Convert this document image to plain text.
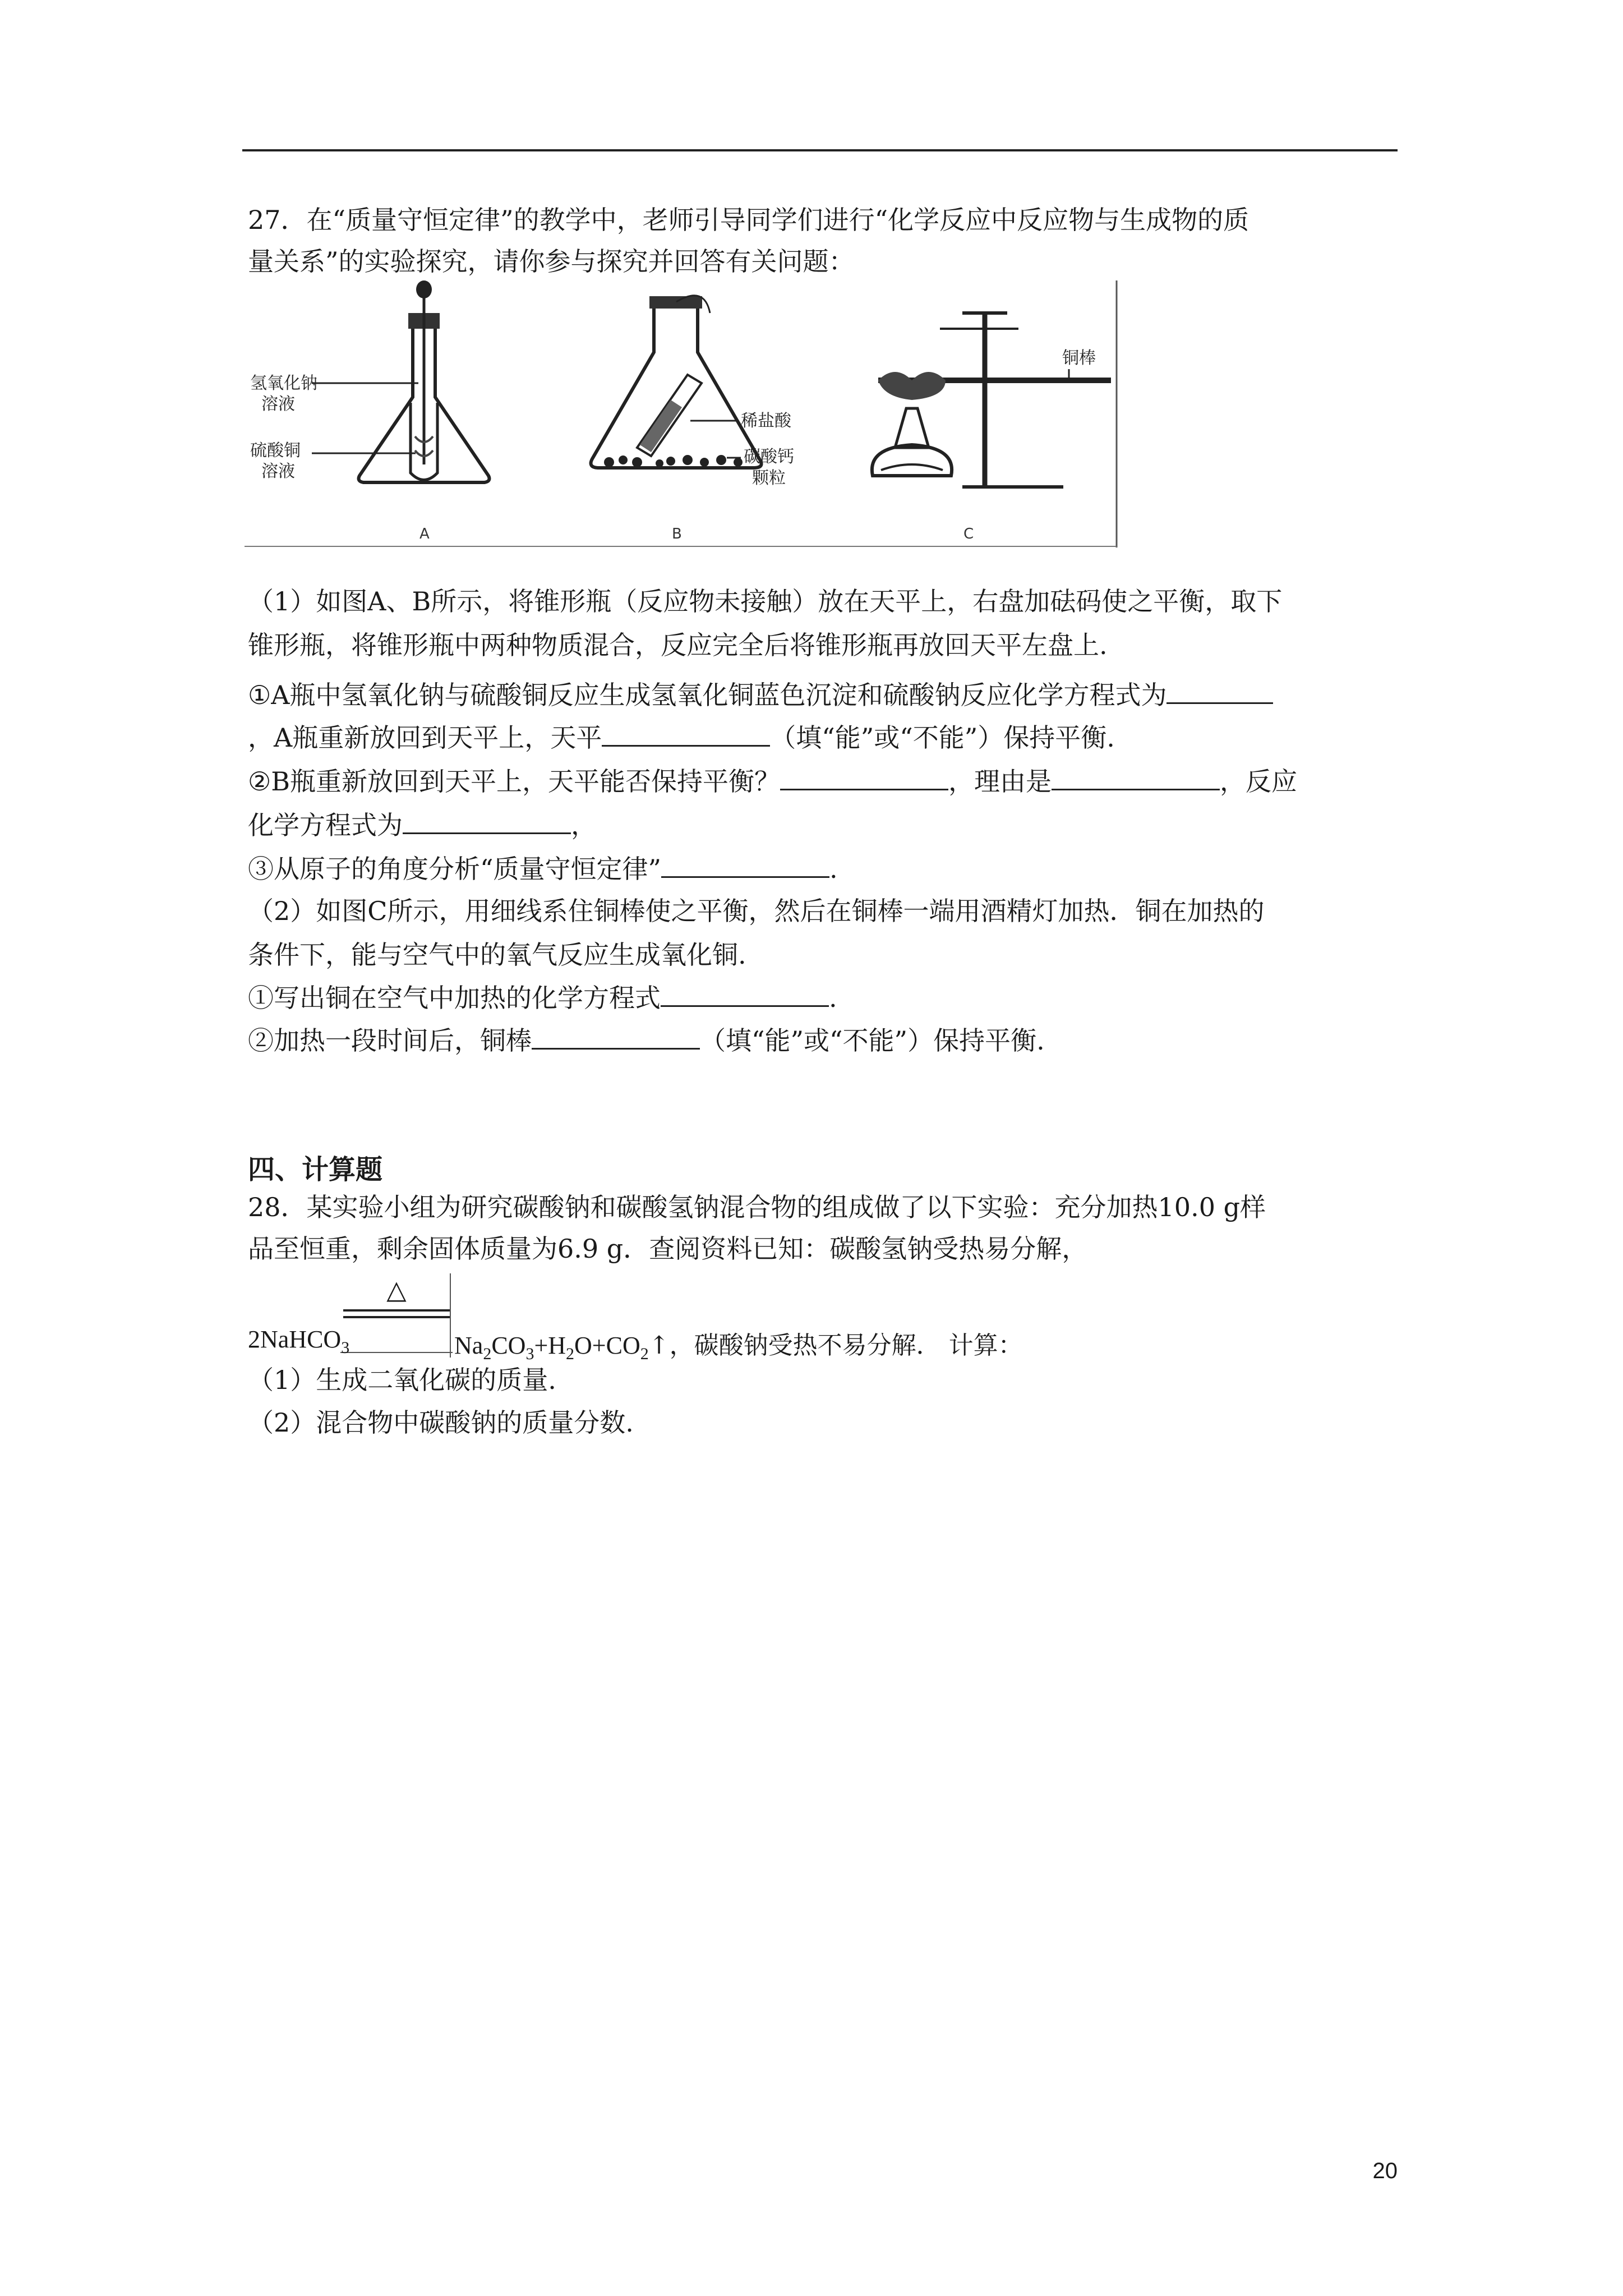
27．在“质量守恒定律”的教学中，老师引导同学们进行“化学反应中反应物与生成物的质
量关系”的实验探究，请你参与探究并回答有关问题：
氢氧化钠
溶液
硫酸铜
溶液
A
稀盐酸
碳酸钙
颗粒
B
铜棒
C
（1）如图A、B所示，将锥形瓶（反应物未接触）放在天平上，右盘加砝码使之平衡，取下
锥形瓶，将锥形瓶中两种物质混合，反应完全后将锥形瓶再放回天平左盘上.
①A瓶中氢氧化钠与硫酸铜反应生成氢氧化铜蓝色沉淀和硫酸钠反应化学方程式为
，A瓶重新放回到天平上，天平	（填“能”或“不能”）保持平衡.
②B瓶重新放回到天平上，天平能否保持平衡？	，理由是	，反应
化学方程式为	，
③从原子的角度分析“质量守恒定律”	.
（2）如图C所示，用细线系住铜棒使之平衡，然后在铜棒一端用酒精灯加热．铜在加热的
条件下，能与空气中的氧气反应生成氧化铜.
①写出铜在空气中加热的化学方程式	.
②加热一段时间后，铜棒	（填“能”或“不能”）保持平衡.
四、计算题
28．某实验小组为研究碳酸钠和碳酸氢钠混合物的组成做了以下实验：充分加热10.0 g样
品至恒重，剩余固体质量为6.9 g．查阅资料已知：碳酸氢钠受热易分解，
△
2NaHCO$_3$	$Na_2CO_3+H_2O+CO_2↑$，碳酸钠受热不易分解． 计算：
（1）生成二氧化碳的质量.
（2）混合物中碳酸钠的质量分数.
20
